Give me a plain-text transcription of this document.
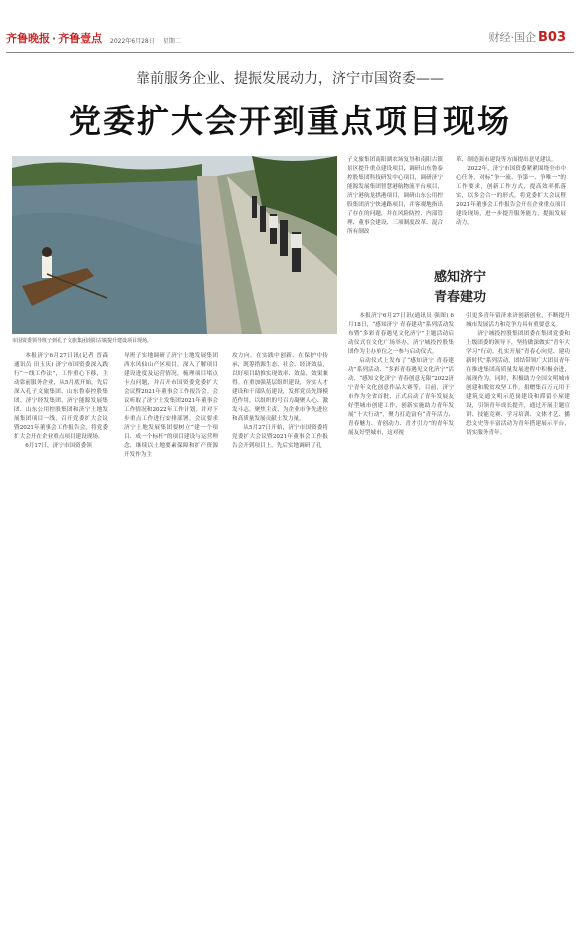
齐鲁晚报 · 齐鲁壹点 2022年6月28日 星期二	财经·国企 B03
靠前服务企业、提振发展动力，济宁市国资委——
党委扩大会开到重点项目现场
市国资委领导班子到孔子文旅集团南阳古镇提升建设项目现场。

本报济宁6月27日讯(记者 晋森 通讯员 田玉庆) 济宁市国资委深入践行“一线工作法”，工作重心下移，主动靠前服务企业，从5月底开始，先后深入孔子文旅集团、山东鲁泰控股集团、济宁经发集团、济宁能源发展集团、山东公用控股集团和济宁土地发展集团项目一线，召开党委扩大会议暨2021年董事会工作报告会，将党委扩大会开在企业重点项目建设现场。

6月17日，济宁市国资委领

导班子实地调研了济宁土地发展集团西水风仙山产区项目，深入了解项目建设进度及运营情况，梳理项目堵点卡点问题，并召开市国资委党委扩大会议暨2021年董事会工作报告会。会议听取了济宁土发集团2021年董事会工作情况和2022年工作计划，并对下步重点工作进行安排部署。会议要求济宁土地发展集团要树立“建一个项目、成一个标杆”的项目建设与运营理念，继续以土地要素保障和扩产资源开发作为主

攻方向，在实践中创新、在保护中传承，既筹措源生态、社会、经济效益，以好项目助推实现效率、效益、效果兼得。在重加强基层组织建设，夯实人才建设和干部队伍建设，发挥党员先锋模范作用，以组织的号召力凝聚人心、激发斗志，聚焦主责、为企业市争先进位和高质量发展贡献土发力量。

从5月27日开始，济宁市国资委将党委扩大会议暨2021年董事会工作报告会开到项目上，先后实地调研了孔

子文旅集团南阳湖农场复垦和南阳古镇景区提升重点建设项目，调研山东鲁泰控股集团科技研发中心项目，调研济宁能源发展集团智慧港航物流平台项目，济宁港航龙拱港项目，调研山东公用控股集团济宁快速路项目，并客观地指出了存在的问题，并在风险防控、内部管理、董事会建设、三项制度改革、混合所有制改

革、制造强市建设等方面提出意见建议。

2022年，济宁市国资委紧紧围绕全市中心任务，对标“争一流、争第一、争唯一”的工作要求，创新工作方式，提高效率抓落实，以多会合一的形式，将党委扩大会议暨2021年董事会工作报告会开在企业重点项目建设现场，进一步提升服务能力，提振发展动力。

感知济宁
青春建功

本报济宁6月27日讯(通讯员 强图) 6月18日，“感知济宁 青春建功”系列活动发布暨“多彩青春遇见文化济宁”主题活动启动仪式在文化广场举办，济宁城投控股集团作为主办单位之一参与启动仪式。

启动仪式上发布了“感知济宁 青春建功”系列活动、“多彩青春遇见文化济宁”活动、“感知文化济宁 青春创意无限”2022济宁青年文化创意作品大赛等，目前，济宁市作为全省首批、正式启动了青年发展友好型城市创建工作，创新实施助力青年发展“十大行动”，聚力打造富有“青年活力、青春魅力、青创动力、青才引力”的青年发展友好型城市，这对视

引更多青年留济来济创新创业，不断提升城市发展活力和竞争力具有重要意义。

济宁城投控股集团团委在集团党委和上级团委的领导下，坚持做深做实“青年大学习”行动，扎实开展“青春心向党、建功新时代”系列活动，团结带领广大团员青年在推进集团高质量发展进程中积极奋进，展现作为。同时，积极助力全国文明城市创建和脱贫攻坚工作，捐赠集百万元用于建筑交通文明示范岗建设和滞留小屋建设，引领青年成长提升，通过开展主题宣讲、技能竞赛、学习培训、文体才艺、播恐文史等丰富活动为青年搭建展示平台，切实服务青年。
